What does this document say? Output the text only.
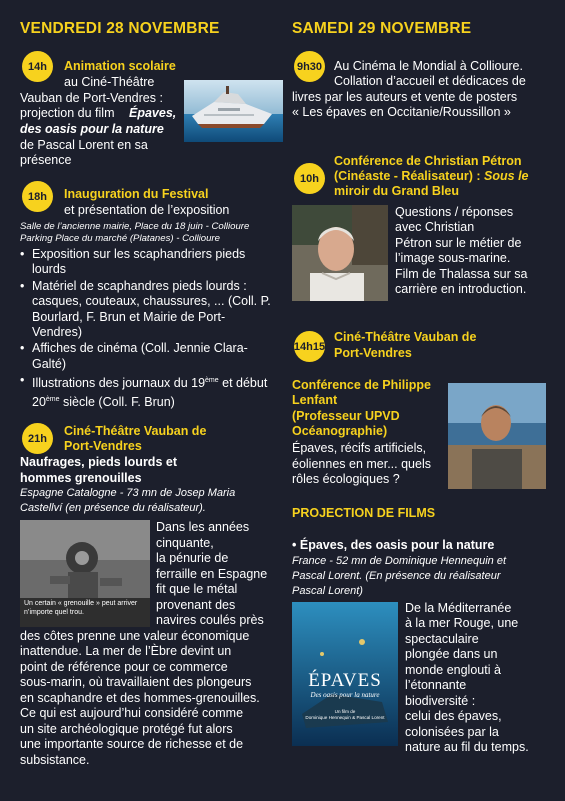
VENDREDI 28 NOVEMBRE
14h	Animation scolaire
au Ciné-Théâtre
Vauban de Port-Vendres :
projection du film Épaves,
des oasis pour la nature
de Pascal Lorent en sa
présence
18h	Inauguration du Festival
et présentation de l’exposition
Salle de l’ancienne mairie, Place du 18 juin - Collioure
Parking Place du marché (Platanes) - Collioure
• Exposition sur les scaphandriers pieds lourds
• Matériel de scaphandres pieds lourds : casques, couteaux, chaussures, ... (Coll. P. Bourlard, F. Brun et Mairie de Port-Vendres)
• Affiches de cinéma (Coll. Jennie Clara-Galté)
• Illustrations des journaux du 19ème et début 20ème siècle (Coll. F. Brun)
21h
Ciné-Théâtre Vauban de
Port-Vendres
Naufrages, pieds lourds et
hommes grenouilles
Espagne Catalogne - 73 mn de Josep Maria
Castellví (en présence du réalisateur).
Un certain « grenouille » peut arriver
n’importe quel trou.
Dans les années
cinquante,
la pénurie de
ferraille en Espagne
fit que le métal
provenant des
navires coulés près
des côtes prenne une valeur économique
inattendue. La mer de l’Èbre devint un
point de référence pour ce commerce
sous-marin, où travaillaient des plongeurs
en scaphandre et des hommes-grenouilles.
Ce qui est aujourd’hui considéré comme
un site archéologique protégé fut alors
une importante source de richesse et de
subsistance.
SAMEDI 29 NOVEMBRE
9h30 Au Cinéma le Mondial à Collioure.
Collation d’accueil et dédicaces de
livres par les auteurs et vente de posters
« Les épaves en Occitanie/Roussillon »
10h
Conférence de Christian Pétron
(Cinéaste - Réalisateur) : Sous le
miroir du Grand Bleu
Questions / réponses
avec Christian
Pétron sur le métier de
l’image sous-marine.
Film de Thalassa sur sa
carrière en introduction.
14h15
Ciné-Théâtre Vauban de
Port-Vendres
Conférence de Philippe
Lenfant
(Professeur UPVD
Océanographie)
Épaves, récifs artificiels,
éoliennes en mer... quels
rôles écologiques ?
PROJECTION DE FILMS
• Épaves, des oasis pour la nature
France - 52 mn de Dominique Hennequin et
Pascal Lorent. (En présence du réalisateur
Pascal Lorent)
ÉPAVES
Des oasis pour la nature
Un film de
Dominique Hennequin & Pascal Lorent
De la Méditerranée
à la mer Rouge, une
spectaculaire
plongée dans un
monde englouti à
l’étonnante
biodiversité :
celui des épaves,
colonisées par la
nature au fil du temps.
